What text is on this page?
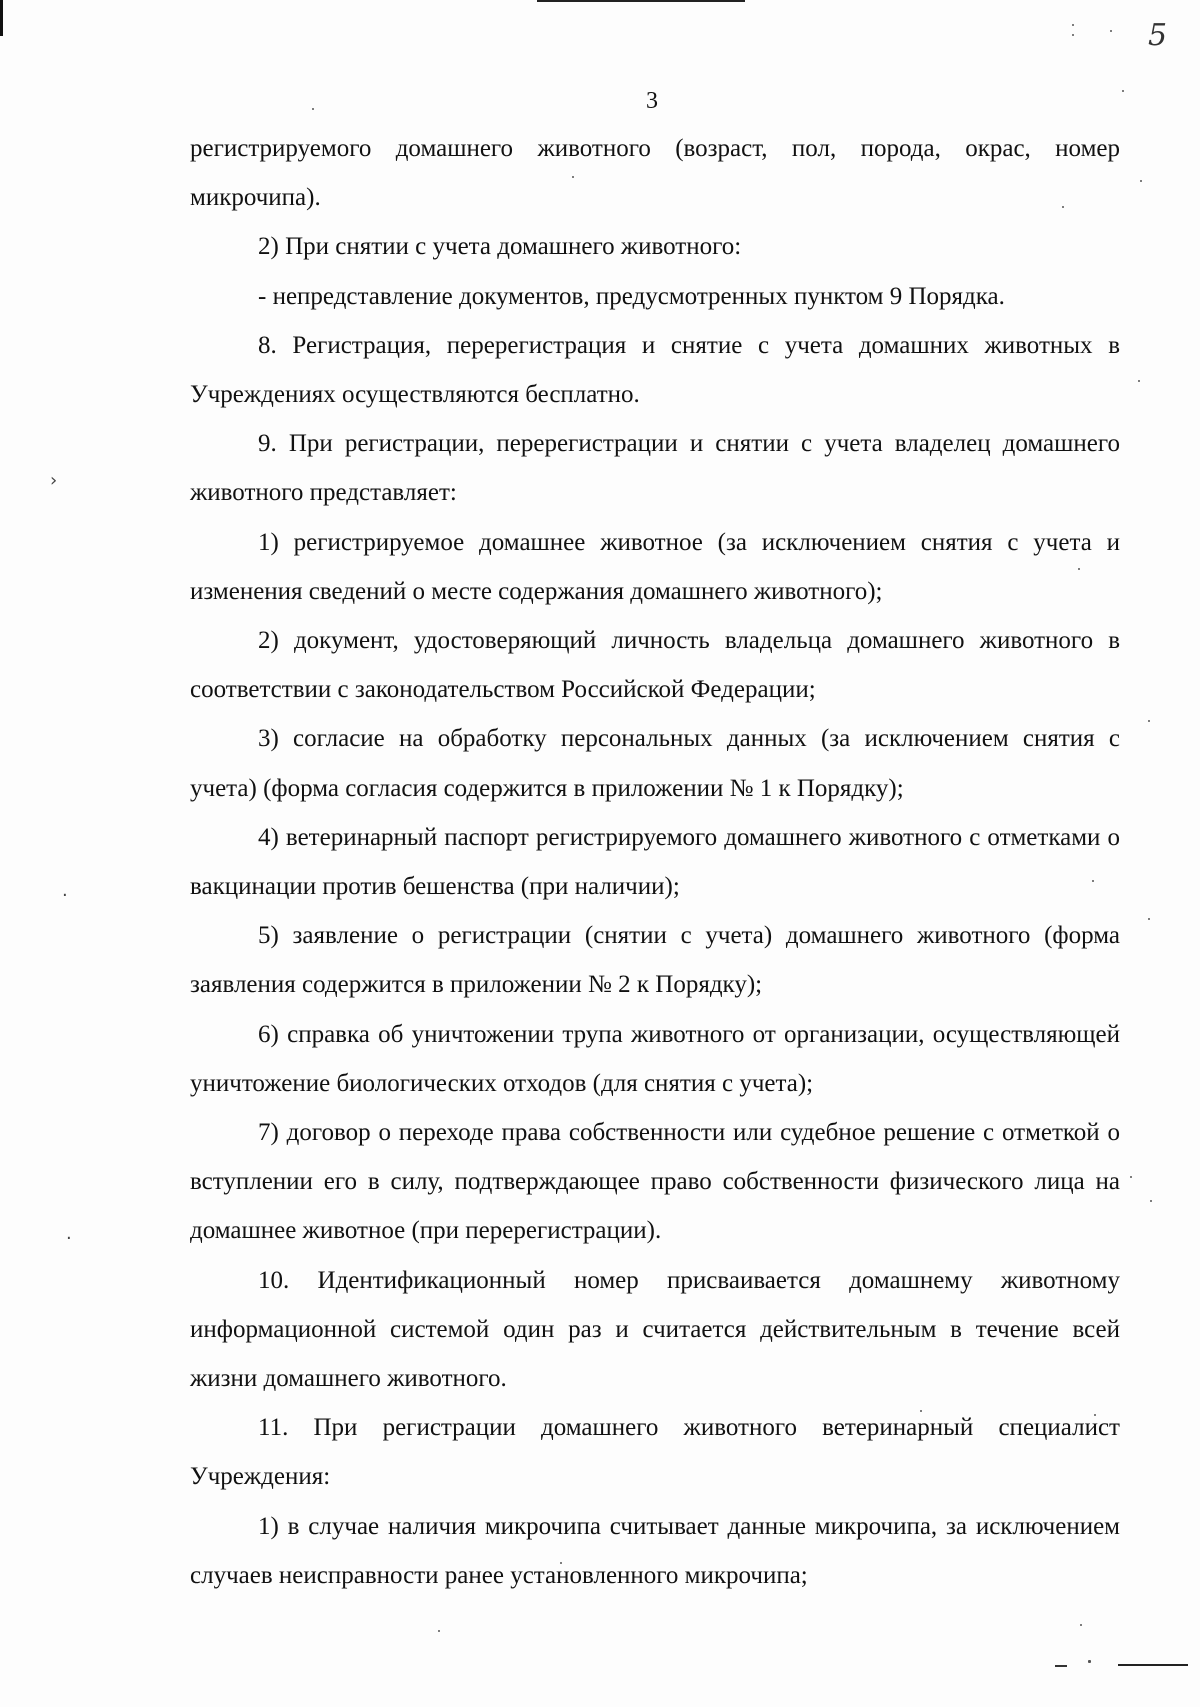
5
3
›
·
·

регистрируемого домашнего животного (возраст, пол, порода, окрас, номер микрочипа).

2) При снятии с учета домашнего животного:

- непредставление документов, предусмотренных пунктом 9 Порядка.

8. Регистрация, перерегистрация и снятие с учета домашних животных в Учреждениях осуществляются бесплатно.

9. При регистрации, перерегистрации и снятии с учета владелец домашнего животного представляет:

1) регистрируемое домашнее животное (за исключением снятия с учета и изменения сведений о месте содержания домашнего животного);

2) документ, удостоверяющий личность владельца домашнего животного в соответствии с законодательством Российской Федерации;

3) согласие на обработку персональных данных (за исключением снятия с учета) (форма согласия содержится в приложении № 1 к Порядку);

4) ветеринарный паспорт регистрируемого домашнего животного с отметками о вакцинации против бешенства (при наличии);

5) заявление о регистрации (снятии с учета) домашнего животного (форма заявления содержится в приложении № 2 к Порядку);

6) справка об уничтожении трупа животного от организации, осуществляющей уничтожение биологических отходов (для снятия с учета);

7) договор о переходе права собственности или судебное решение с отметкой о вступлении его в силу, подтверждающее право собственности физического лица на домашнее животное (при перерегистрации).

10. Идентификационный номер присваивается домашнему животному информационной системой один раз и считается действительным в течение всей жизни домашнего животного.

11. При регистрации домашнего животного ветеринарный специалист Учреждения:

1) в случае наличия микрочипа считывает данные микрочипа, за исключением случаев неисправности ранее установленного микрочипа;
